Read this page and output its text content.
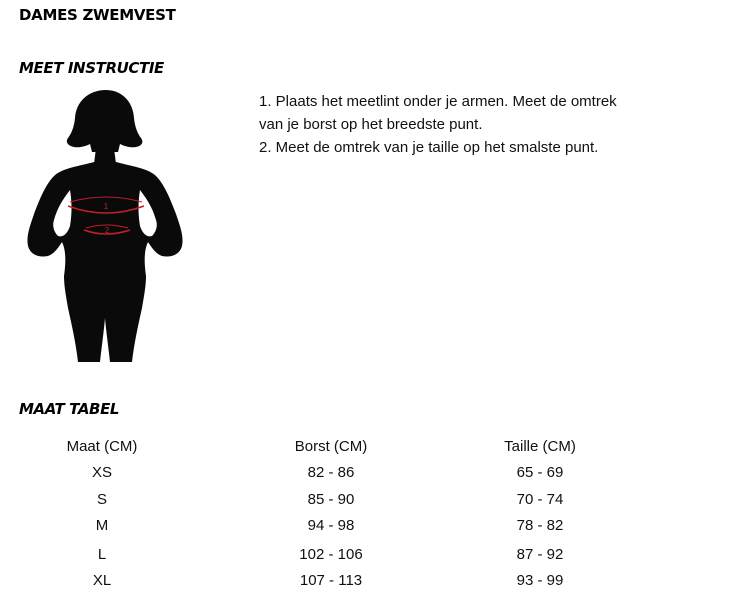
DAMES ZWEMVEST
MEET INSTRUCTIE
1
2

1. Plaats het meetlint onder je armen. Meet de omtrek

van je borst op het breedste punt.

2. Meet de omtrek van je taille op het smalste punt.

MAAT TABEL
Maat (CM)	Borst (CM)	Taille (CM)
XS	82 - 86	65 - 69
S	85 - 90	70 - 74
M	94 - 98	78 - 82
L	102 - 106	87 - 92
XL	107 - 113	93 - 99
